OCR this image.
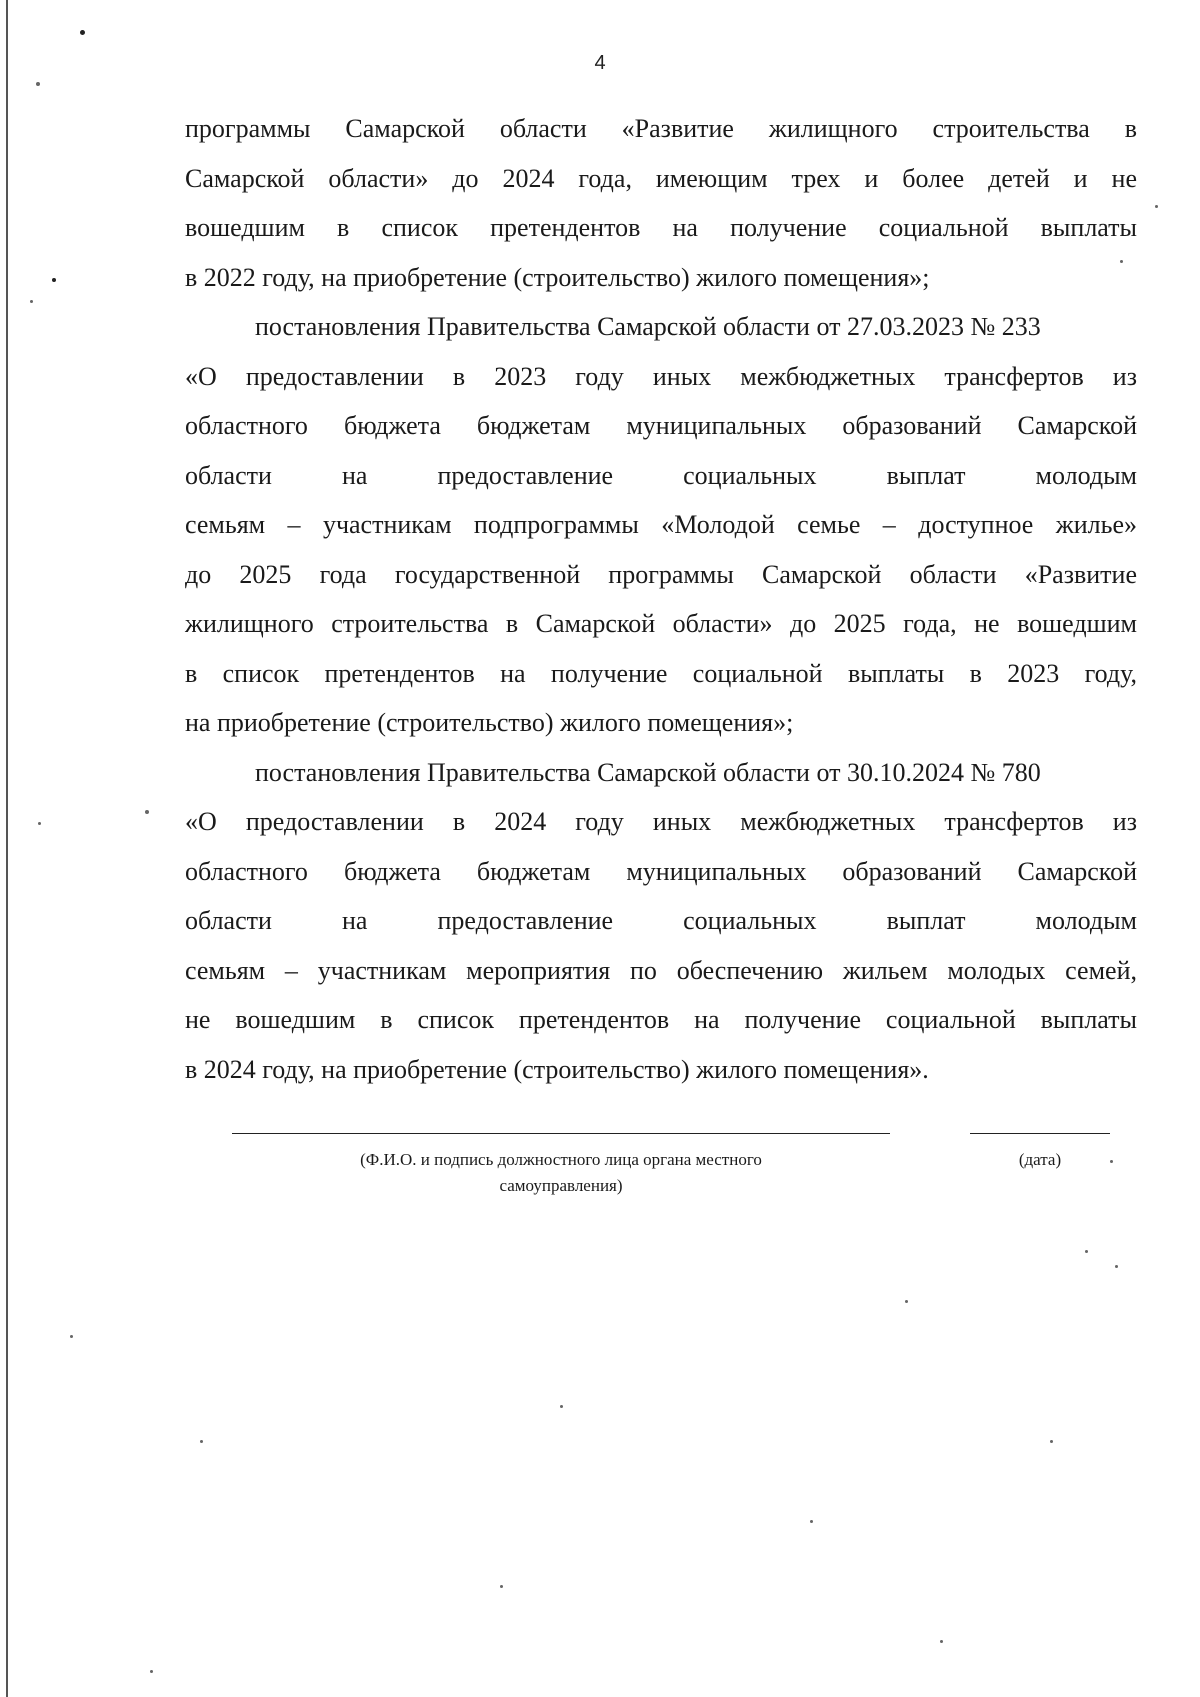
4
программы Самарской области «Развитие жилищного строительства в
Самарской области» до 2024 года, имеющим трех и более детей и не
вошедшим в список претендентов на получение социальной выплаты
в 2022 году, на приобретение (строительство) жилого помещения»;
постановления Правительства Самарской области от 27.03.2023 № 233
«О предоставлении в 2023 году иных межбюджетных трансфертов из
областного бюджета бюджетам муниципальных образований Самарской
области на предоставление социальных выплат молодым
семьям – участникам подпрограммы «Молодой семье – доступное жилье»
до 2025 года государственной программы Самарской области «Развитие
жилищного строительства в Самарской области» до 2025 года, не вошедшим
в список претендентов на получение социальной выплаты в 2023 году,
на приобретение (строительство) жилого помещения»;
постановления Правительства Самарской области от 30.10.2024 № 780
«О предоставлении в 2024 году иных межбюджетных трансфертов из
областного бюджета бюджетам муниципальных образований Самарской
области на предоставление социальных выплат молодым
семьям – участникам мероприятия по обеспечению жильем молодых семей,
не вошедшим в список претендентов на получение социальной выплаты
в 2024 году, на приобретение (строительство) жилого помещения».
(Ф.И.О. и подпись должностного лица органа местного
самоуправления)
(дата)
